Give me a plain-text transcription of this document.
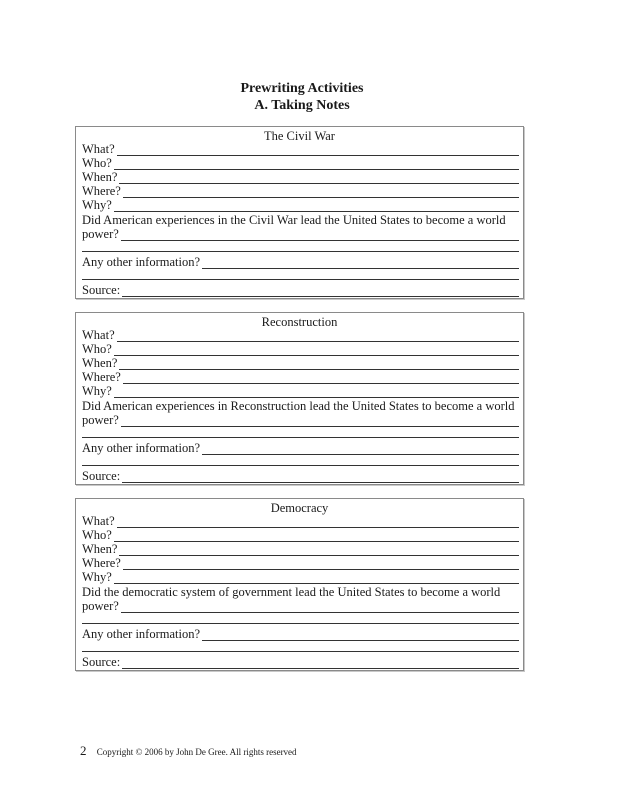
Prewriting Activities
A. Taking Notes
The Civil War
What?
Who?
When?
Where?
Why?
Did American experiences in the Civil War lead the United States to become a world
power?
Any other information?
Source:
Reconstruction
What?
Who?
When?
Where?
Why?
Did American experiences in Reconstruction lead the United States to become a world
power?
Any other information?
Source:
Democracy
What?
Who?
When?
Where?
Why?
Did the democratic system of government lead the United States to become a world
power?
Any other information?
Source:
2 Copyright © 2006 by John De Gree. All rights reserved
